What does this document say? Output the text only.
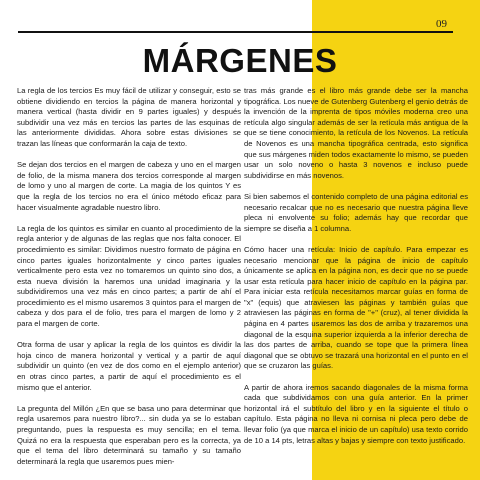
09
MÁRGENES

La regla de los tercios Es muy fácil de utilizar y conseguir, esto se obtiene dividiendo en tercios la página de manera horizontal y manera vertical (hasta dividir en 9 partes iguales) y después subdividir una vez más en tercios las partes de las esquinas de las anteriormente divididas. Ahora sobre estas divisiones se trazan las líneas que conformarán la caja de texto.

Se dejan dos tercios en el margen de cabeza y uno en el margen de folio, de la misma manera dos tercios corresponde al margen de lomo y uno al margen de corte. La magia de los quintos Y es que la regla de los tercios no era el único método eficaz para hacer visualmente agradable nuestro libro.

La regla de los quintos es similar en cuanto al procedimiento de la regla anterior y de algunas de las reglas que nos falta conocer. El procedimiento es similar: Dividimos nuestro formato de página en cinco partes iguales horizontalmente y cinco partes iguales verticalmente pero esta vez no tomaremos un quinto sino dos, a esta nueva división la haremos una unidad imaginaria y la subdividiremos una vez más en cinco partes; a partir de ahí el procedimiento es el mismo usaremos 3 quintos para el margen de cabeza y dos para el de folio, tres para el margen de lomo y 2 para el margen de corte.

Otra forma de usar y aplicar la regla de los quintos es dividir la hoja cinco de manera horizontal y vertical y a partir de aquí subdividir un quinto (en vez de dos como en el ejemplo anterior) en otras cinco partes, a partir de aquí el procedimiento es el mismo que el anterior.

La pregunta del Millón ¿En que se basa uno para determinar que regla usaremos para nuestro libro?... sin duda ya se lo estaban preguntando, pues la respuesta es muy sencilla; en el tema. Quizá no era la respuesta que esperaban pero es la correcta, ya que el tema del libro determinará su tamaño y su tamaño determinará la regla que usaremos pues mien-

tras más grande es el libro más grande debe ser la mancha tipográfica. Los nueve de Gutenberg Gutenberg el genio detrás de la invención de la imprenta de tipos móviles moderna creo una retícula algo singular además de ser la retícula más antigua de la que se tiene conocimiento, la retícula de los Novenos. La retícula de Novenos es una mancha tipográfica centrada, esto significa que sus márgenes miden todos exactamente lo mismo, se pueden usar un solo noveno o hasta 3 novenos e incluso puede subdividirse en más novenos.

Si bien sabemos el contenido completo de una página editorial es necesario recalcar que no es necesario que nuestra página lleve pleca ni envolvente su folio; además hay que recordar que siempre se diseña a 1 columna.

Cómo hacer una retícula: Inicio de capítulo. Para empezar es necesario mencionar que la página de inicio de capítulo únicamente se aplica en la página non, es decir que no se puede usar esta retícula para hacer inicio de capítulo en la página par. Para iniciar esta retícula necesitamos marcar guías en forma de "x" (equis) que atraviesen las páginas y también guías que atraviesen las páginas en forma de "+" (cruz), al tener dividida la página en 4 partes usaremos las dos de arriba y trazaremos una diagonal de la esquina superior izquierda a la inferior derecha de las dos partes de arriba, cuando se tope que la primera línea diagonal que se obtuvo se trazará una horizontal en el punto en el que se cruzaron las guías.

A partir de ahora iremos sacando diagonales de la misma forma cada que subdividamos con una guía anterior. En la primer horizontal irá el subtítulo del libro y en la siguiente el título o capítulo. Esta página no lleva ni cornisa ni pleca pero debe de llevar folio (ya que marca el inicio de un capítulo) usa texto corrido de 10 a 14 pts, letras altas y bajas y siempre con texto justificado.
